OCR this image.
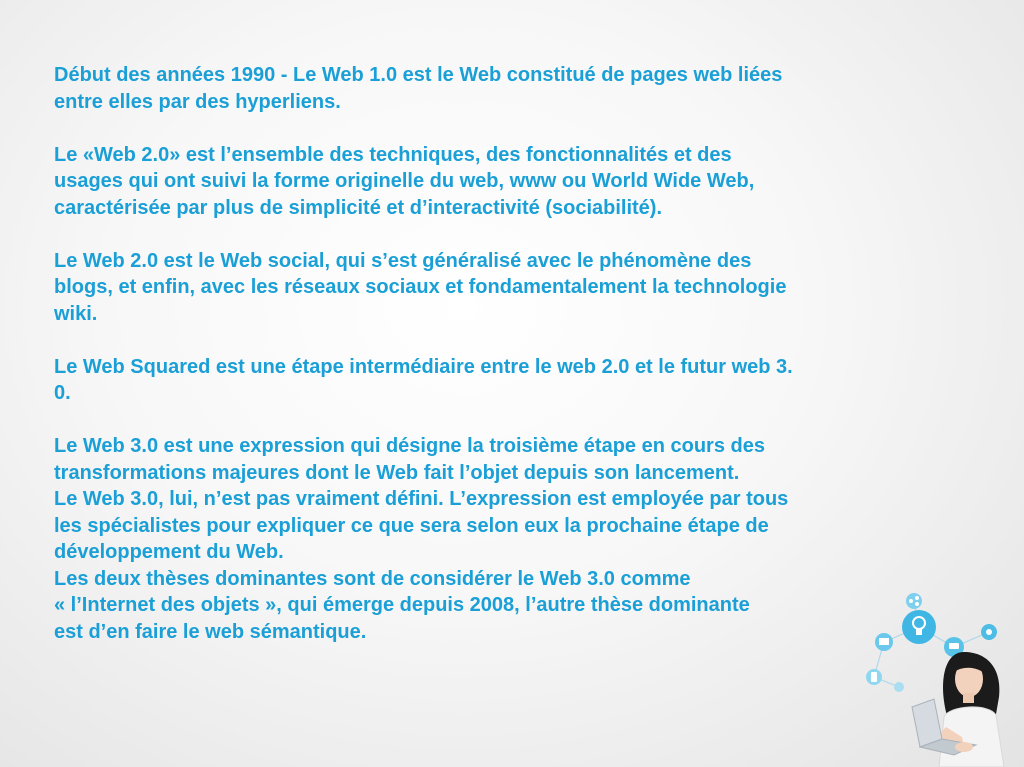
Début des années 1990 - Le Web 1.0 est le Web constitué de pages web liées
entre elles par des hyperliens.

Le «Web 2.0» est l’ensemble des techniques, des fonctionnalités et des
usages qui ont suivi la forme originelle du web, www ou World Wide Web,
caractérisée par plus de simplicité et d’interactivité (sociabilité).

Le Web 2.0 est le Web social, qui s’est généralisé avec le phénomène des
blogs, et enfin, avec les réseaux sociaux et fondamentalement la technologie
wiki.

Le Web Squared est une étape intermédiaire entre le web 2.0 et le futur web 3.
0.

Le Web 3.0 est une expression qui désigne la troisième étape en cours des
transformations majeures dont le Web fait l’objet depuis son lancement.

Le Web 3.0, lui, n’est pas vraiment défini. L’expression est employée par tous
les spécialistes pour expliquer ce que sera selon eux la prochaine étape de
développement du Web.

Les deux thèses dominantes sont de considérer le Web 3.0 comme
« l’Internet des objets », qui émerge depuis 2008, l’autre thèse dominante
est d’en faire le web sémantique.
